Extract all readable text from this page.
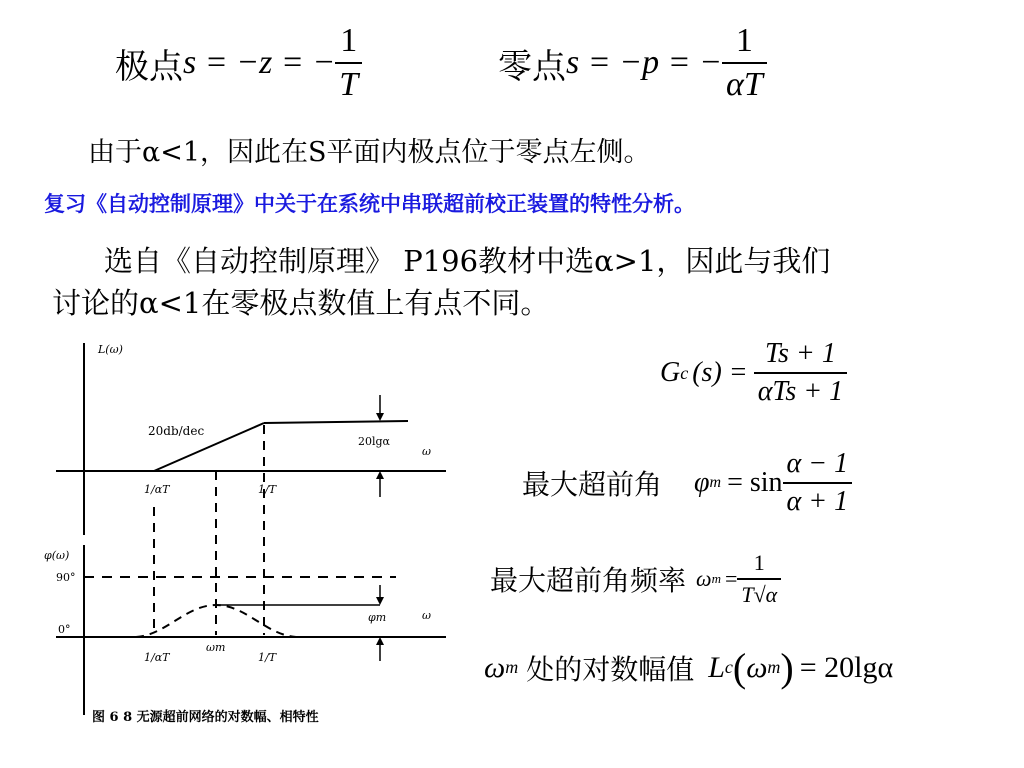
极点 s = −z = − $\frac{1}{T}$	零点 s = −p = − $\frac{1}{\alpha T}$
由于α<1，因此在S平面内极点位于零点左侧。
复习《自动控制原理》中关于在系统中串联超前校正装置的特性分析。
选自《自动控制原理》 P196教材中选α>1，因此与我们
讨论的α<1在零极点数值上有点不同。
G c $(s) = \frac{Ts + 1}{\text{αTs + 1}}$
最大超前角 φ $m = \sin \frac{\alpha - 1}{\alpha + 1}$
最大超前角频率 ω $m = \frac{1}{T√\alpha}$
ω m 处的对数幅值 L c ( ω m ) = 20lgα
L(ω)
20db/dec
20lgα
ω
1/αT	1/T
φ(ω)
90°
0°
ω
φm
1/αT
ωm
1/T
图 6 8 无源超前网络的对数幅、相特性
